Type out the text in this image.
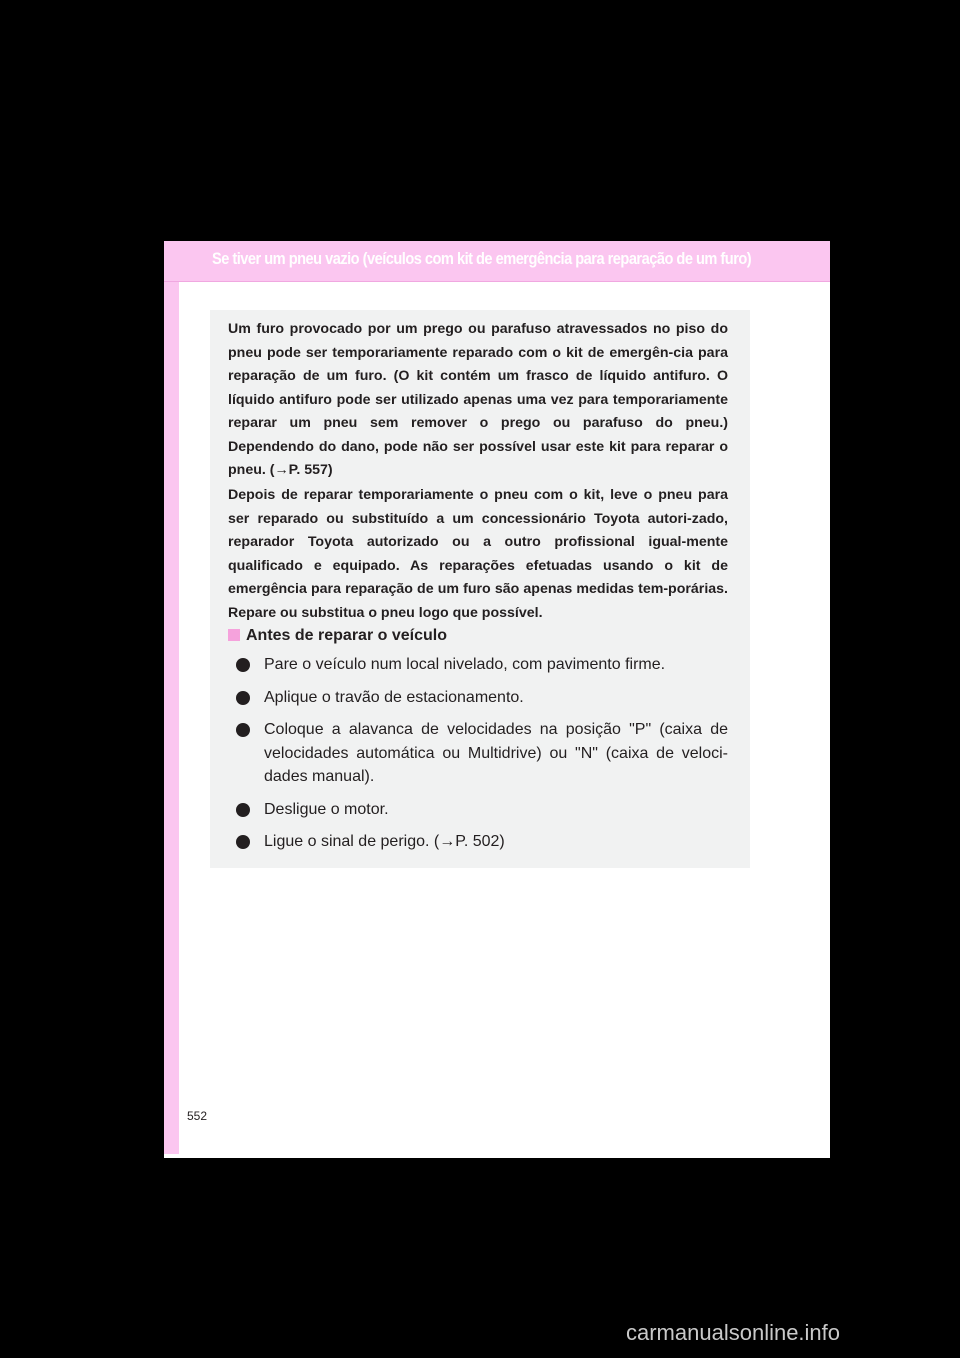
Se tiver um pneu vazio (veículos com kit de emergência para reparação de um furo)

Um furo provocado por um prego ou parafuso atravessados no piso do pneu pode ser temporariamente reparado com o kit de emergên-cia para reparação de um furo. (O kit contém um frasco de líquido antifuro. O líquido antifuro pode ser utilizado apenas uma vez para temporariamente reparar um pneu sem remover o prego ou parafuso do pneu.) Dependendo do dano, pode não ser possível usar este kit para reparar o pneu. (→P. 557)

Depois de reparar temporariamente o pneu com o kit, leve o pneu para ser reparado ou substituído a um concessionário Toyota autori-zado, reparador Toyota autorizado ou a outro profissional igual-mente qualificado e equipado. As reparações efetuadas usando o kit de emergência para reparação de um furo são apenas medidas tem-porárias. Repare ou substitua o pneu logo que possível.

Antes de reparar o veículo
Pare o veículo num local nivelado, com pavimento firme.
Aplique o travão de estacionamento.
Coloque a alavanca de velocidades na posição "P" (caixa de velocidades automática ou Multidrive) ou "N" (caixa de veloci-dades manual).
Desligue o motor.
Ligue o sinal de perigo. (→P. 502)
552
carmanualsonline.info
